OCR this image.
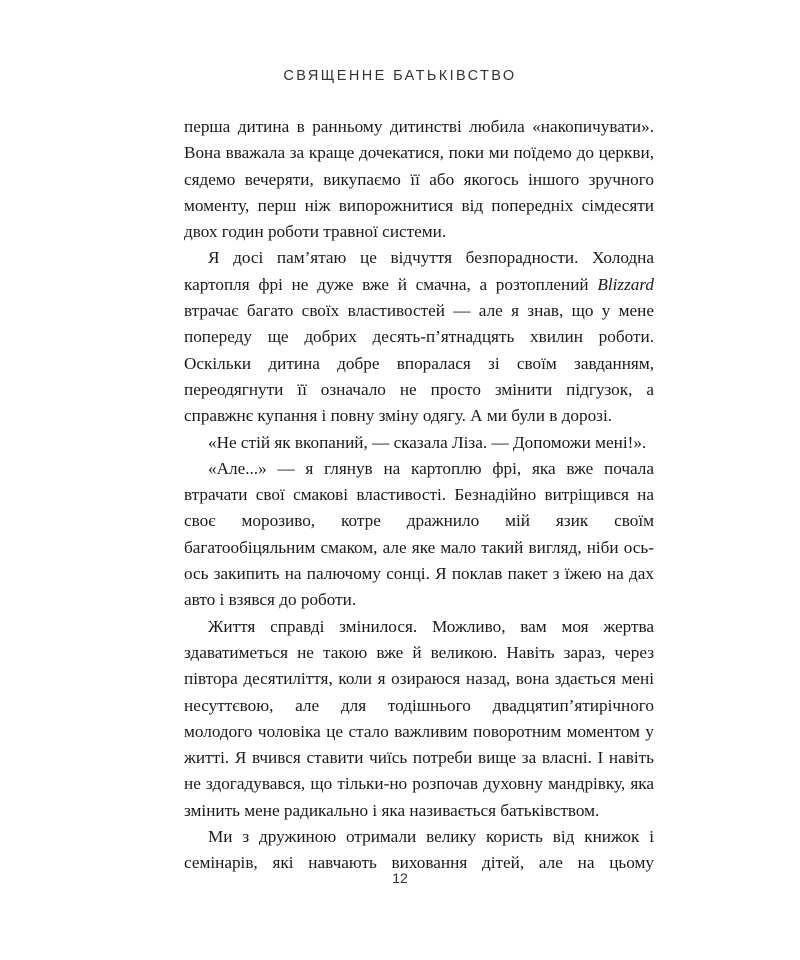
СВЯЩЕННЕ БАТЬКІВСТВО

перша дитина в ранньому дитинстві любила «накопичувати». Вона вважала за краще дочекатися, поки ми поїдемо до церкви, сядемо вечеряти, викупаємо її або якогось іншого зручного моменту, перш ніж випорожнитися від попередніх сімдесяти двох годин роботи травної системи.

Я досі пам’ятаю це відчуття безпорадности. Холодна картопля фрі не дуже вже й смачна, а розтоплений Blizzard втрачає багато своїх властивостей — але я знав, що у мене попереду ще добрих десять-п’ятнадцять хвилин роботи. Оскільки дитина добре впоралася зі своїм завданням, переодягнути її означало не просто змінити підгузок, а справжнє купання і повну зміну одягу. А ми були в дорозі.

«Не стій як вкопаний, — сказала Ліза. — Допоможи мені!».

«Але...» — я глянув на картоплю фрі, яка вже почала втрачати свої смакові властивості. Безнадійно витріщився на своє морозиво, котре дражнило мій язик своїм багатообіцяльним смаком, але яке мало такий вигляд, ніби ось-ось закипить на палючому сонці. Я поклав пакет з їжею на дах авто і взявся до роботи.

Життя справді змінилося. Можливо, вам моя жертва здаватиметься не такою вже й великою. Навіть зараз, через півтора десятиліття, коли я озираюся назад, вона здається мені несуттєвою, але для тодішнього двадцятип’ятирічного молодого чоловіка це стало важливим поворотним моментом у житті. Я вчився ставити чиїсь потреби вище за власні. І навіть не здогадувався, що тільки-но розпочав духовну мандрівку, яка змінить мене радикально і яка називається батьківством.

Ми з дружиною отримали велику користь від книжок і семінарів, які навчають виховання дітей, але на цьому

12
